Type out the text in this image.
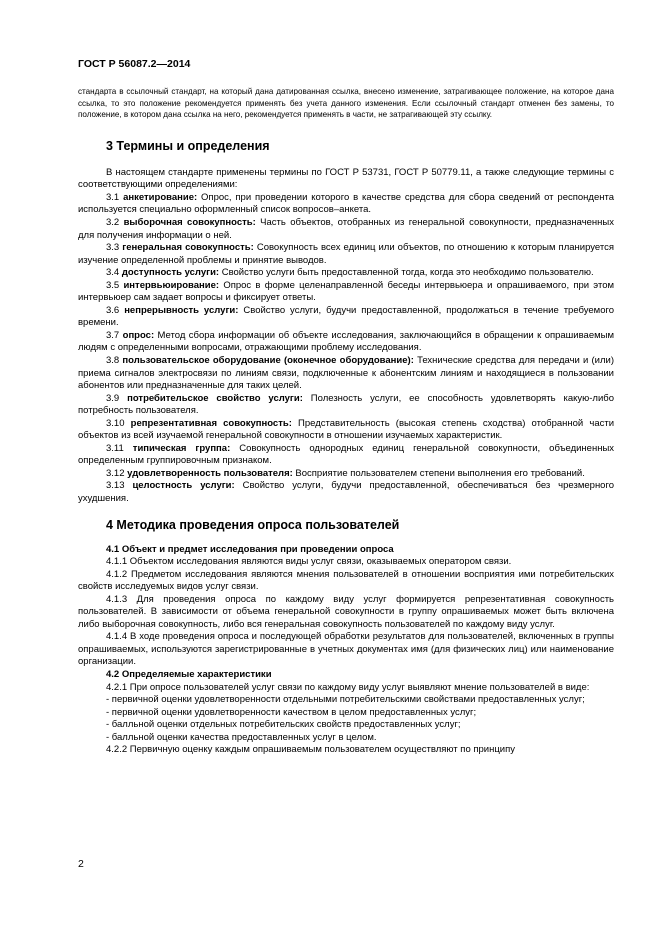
ГОСТ Р 56087.2—2014

стандарта в ссылочный стандарт, на который дана датированная ссылка, внесено изменение, затрагивающее положение, на которое дана ссылка, то это положение рекомендуется применять без учета данного изменения. Если ссылочный стандарт отменен без замены, то положение, в котором дана ссылка на него, рекомендуется применять в части, не затрагивающей эту ссылку.

3 Термины и определения

В настоящем стандарте применены термины по ГОСТ Р 53731, ГОСТ Р 50779.11, а также следующие термины с соответствующими определениями:

3.1 анкетирование: Опрос, при проведении которого в качестве средства для сбора сведений от респондента используется специально оформленный список вопросов–анкета.

3.2 выборочная совокупность: Часть объектов, отобранных из генеральной совокупности, предназначенных для получения информации о ней.

3.3 генеральная совокупность: Совокупность всех единиц или объектов, по отношению к которым планируется изучение определенной проблемы и принятие выводов.

3.4 доступность услуги: Свойство услуги быть предоставленной тогда, когда это необходимо пользователю.

3.5 интервьюирование: Опрос в форме целенаправленной беседы интервьюера и опрашиваемого, при этом интервьюер сам задает вопросы и фиксирует ответы.

3.6 непрерывность услуги: Свойство услуги, будучи предоставленной, продолжаться в течение требуемого времени.

3.7 опрос: Метод сбора информации об объекте исследования, заключающийся в обращении к опрашиваемым людям с определенными вопросами, отражающими проблему исследования.

3.8 пользовательское оборудование (оконечное оборудование): Технические средства для передачи и (или) приема сигналов электросвязи по линиям связи, подключенные к абонентским линиям и находящиеся в пользовании абонентов или предназначенные для таких целей.

3.9 потребительское свойство услуги: Полезность услуги, ее способность удовлетворять какую-либо потребность пользователя.

3.10 репрезентативная совокупность: Представительность (высокая степень сходства) отобранной части объектов из всей изучаемой генеральной совокупности в отношении изучаемых характеристик.

3.11 типическая группа: Совокупность однородных единиц генеральной совокупности, объединенных определенным группировочным признаком.

3.12 удовлетворенность пользователя: Восприятие пользователем степени выполнения его требований.

3.13 целостность услуги: Свойство услуги, будучи предоставленной, обеспечиваться без чрезмерного ухудшения.

4 Методика проведения опроса пользователей

4.1 Объект и предмет исследования при проведении опроса

4.1.1 Объектом исследования являются виды услуг связи, оказываемых оператором связи.

4.1.2 Предметом исследования являются мнения пользователей в отношении восприятия ими потребительских свойств исследуемых видов услуг связи.

4.1.3 Для проведения опроса по каждому виду услуг формируется репрезентативная совокупность пользователей. В зависимости от объема генеральной совокупности в группу опрашиваемых может быть включена либо выборочная совокупность, либо вся генеральная совокупность пользователей по каждому виду услуг.

4.1.4 В ходе проведения опроса и последующей обработки результатов для пользователей, включенных в группы опрашиваемых, используются зарегистрированные в учетных документах имя (для физических лиц) или наименование организации.

4.2 Определяемые характеристики

4.2.1 При опросе пользователей услуг связи по каждому виду услуг выявляют мнение пользователей в виде:

- первичной оценки удовлетворенности отдельными потребительскими свойствами предоставленных услуг;

- первичной оценки удовлетворенности качеством в целом предоставленных услуг;

- балльной оценки отдельных потребительских свойств предоставленных услуг;

- балльной оценки качества предоставленных услуг в целом.

4.2.2 Первичную оценку каждым опрашиваемым пользователем осуществляют по принципу

2
